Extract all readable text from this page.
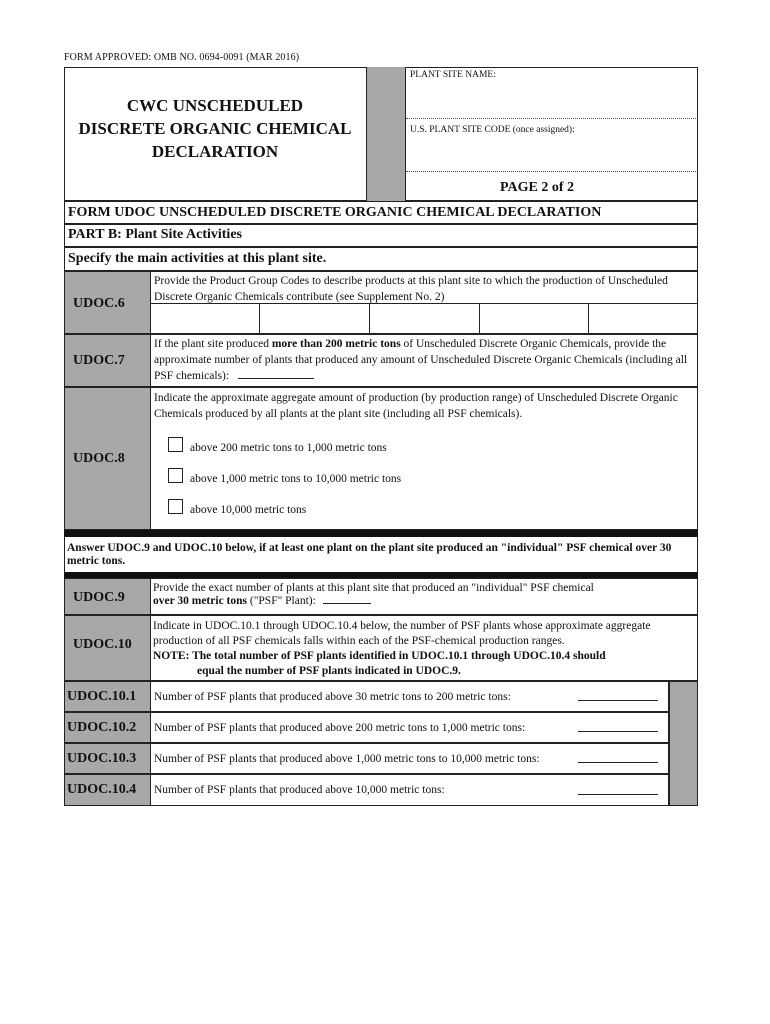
FORM APPROVED: OMB NO. 0694-0091 (MAR 2016)
CWC UNSCHEDULED
DISCRETE ORGANIC CHEMICAL
DECLARATION
PLANT SITE NAME:
U.S. PLANT SITE CODE (once assigned):
PAGE 2 of 2
FORM UDOC UNSCHEDULED DISCRETE ORGANIC CHEMICAL DECLARATION
PART B: Plant Site Activities
Specify the main activities at this plant site.
UDOC.6
Provide the Product Group Codes to describe products at this plant site to which the production of Unscheduled Discrete Organic Chemicals contribute (see Supplement No. 2)
UDOC.7
If the plant site produced more than 200 metric tons of Unscheduled Discrete Organic Chemicals, provide the approximate number of plants that produced any amount of Unscheduled Discrete Organic Chemicals (including all PSF chemicals):
UDOC.8
Indicate the approximate aggregate amount of production (by production range) of Unscheduled Discrete Organic Chemicals produced by all plants at the plant site (including all PSF chemicals).
above 200 metric tons to 1,000 metric tons
above 1,000 metric tons to 10,000 metric tons
above 10,000 metric tons
Answer UDOC.9 and UDOC.10 below, if at least one plant on the plant site produced an "individual" PSF chemical over 30 metric tons.
UDOC.9
Provide the exact number of plants at this plant site that produced an "individual" PSF chemical
over 30 metric tons ("PSF" Plant):
UDOC.10
Indicate in UDOC.10.1 through UDOC.10.4 below, the number of PSF plants whose approximate aggregate production of all PSF chemicals falls within each of the PSF-chemical production ranges.
NOTE: The total number of PSF plants identified in UDOC.10.1 through UDOC.10.4 should
equal the number of PSF plants indicated in UDOC.9.
UDOC.10.1 Number of PSF plants that produced above 30 metric tons to 200 metric tons:
UDOC.10.2 Number of PSF plants that produced above 200 metric tons to 1,000 metric tons:
UDOC.10.3 Number of PSF plants that produced above 1,000 metric tons to 10,000 metric tons:
UDOC.10.4 Number of PSF plants that produced above 10,000 metric tons:
